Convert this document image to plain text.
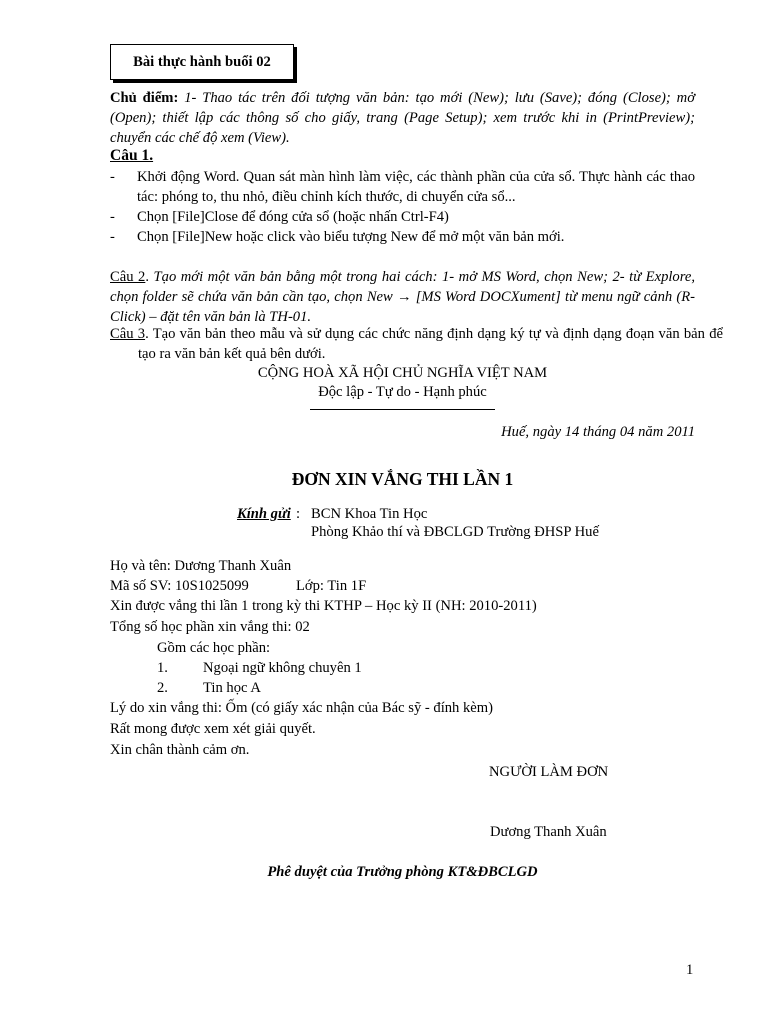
Bài thực hành buổi 02
Chủ điểm: 1- Thao tác trên đối tượng văn bản: tạo mới (New); lưu (Save); đóng (Close); mở (Open); thiết lập các thông số cho giấy, trang (Page Setup); xem trước khi in (PrintPreview); chuyển các chế độ xem (View).
Câu 1.
- Khởi động Word. Quan sát màn hình làm việc, các thành phần của cửa sổ. Thực hành các thao tác: phóng to, thu nhỏ, điều chỉnh kích thước, di chuyển cửa sổ...
- Chọn [File]Close để đóng cửa sổ (hoặc nhấn Ctrl-F4)
- Chọn [File]New hoặc click vào biểu tượng New để mở một văn bản mới.
Câu 2. Tạo mới một văn bản bằng một trong hai cách: 1- mở MS Word, chọn New; 2- từ Explore, chọn folder sẽ chứa văn bản cần tạo, chọn New → [MS Word DOCXument] từ menu ngữ cảnh (R-Click) – đặt tên văn bản là TH-01.
Câu 3. Tạo văn bản theo mẫu và sử dụng các chức năng định dạng ký tự và định dạng đoạn văn bản để tạo ra văn bản kết quả bên dưới.
CỘNG HOÀ XÃ HỘI CHỦ NGHĨA VIỆT NAM
Độc lập - Tự do - Hạnh phúc
Huế, ngày 14 tháng 04 năm 2011
ĐƠN XIN VẮNG THI LẦN 1
Kính gửi : BCN Khoa Tin Học
Phòng Khảo thí và ĐBCLGD Trường ĐHSP Huế
Họ và tên: Dương Thanh Xuân
Mã số SV: 10S1025099	Lớp: Tin 1F
Xin được vắng thi lần 1 trong kỳ thi KTHP – Học kỳ II (NH: 2010-2011)
Tổng số học phần xin vắng thi: 02
Gồm các học phần:
1. Ngoại ngữ không chuyên 1
2. Tin học A
Lý do xin vắng thi: Ốm (có giấy xác nhận của Bác sỹ - đính kèm)
Rất mong được xem xét giải quyết.
Xin chân thành cảm ơn.
NGƯỜI LÀM ĐƠN
Dương Thanh Xuân
Phê duyệt của Trưởng phòng KT&ĐBCLGD
1
